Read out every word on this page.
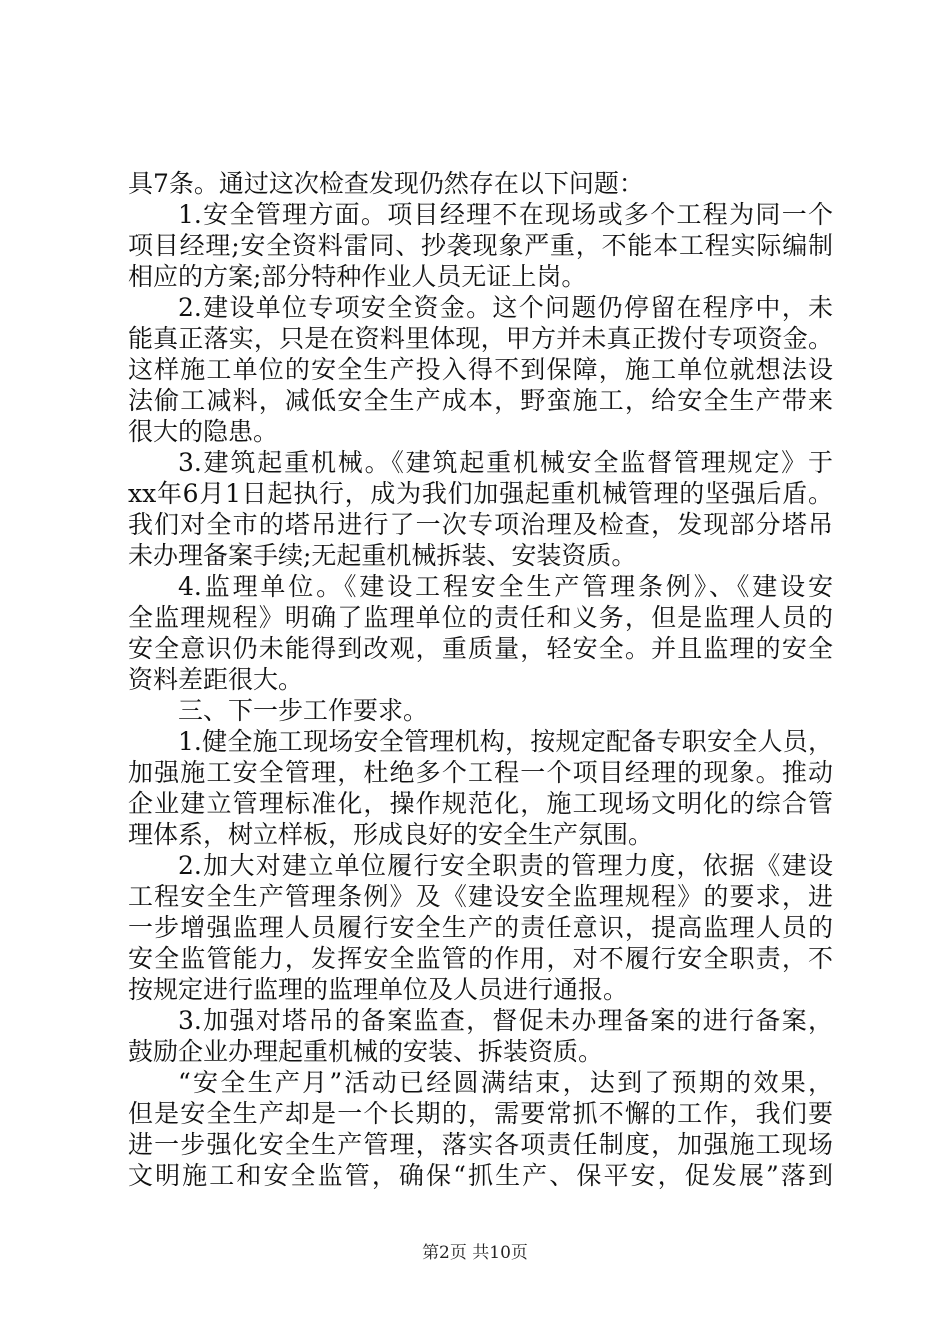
具7条。通过这次检查发现仍然存在以下问题：
1.安全管理方面。项目经理不在现场或多个工程为同一个
项目经理;安全资料雷同、抄袭现象严重，不能本工程实际编制
相应的方案;部分特种作业人员无证上岗。
2.建设单位专项安全资金。这个问题仍停留在程序中，未
能真正落实，只是在资料里体现，甲方并未真正拨付专项资金。
这样施工单位的安全生产投入得不到保障，施工单位就想法设
法偷工减料，减低安全生产成本，野蛮施工，给安全生产带来
很大的隐患。
3.建筑起重机械。《建筑起重机械安全监督管理规定》于
xx年6月1日起执行，成为我们加强起重机械管理的坚强后盾。
我们对全市的塔吊进行了一次专项治理及检查，发现部分塔吊
未办理备案手续;无起重机械拆装、安装资质。
4.监理单位。《建设工程安全生产管理条例》、《建设安
全监理规程》明确了监理单位的责任和义务，但是监理人员的
安全意识仍未能得到改观，重质量，轻安全。并且监理的安全
资料差距很大。
三、下一步工作要求。
1.健全施工现场安全管理机构，按规定配备专职安全人员，
加强施工安全管理，杜绝多个工程一个项目经理的现象。推动
企业建立管理标准化，操作规范化，施工现场文明化的综合管
理体系，树立样板，形成良好的安全生产氛围。
2.加大对建立单位履行安全职责的管理力度，依据《建设
工程安全生产管理条例》及《建设安全监理规程》的要求，进
一步增强监理人员履行安全生产的责任意识，提高监理人员的
安全监管能力，发挥安全监管的作用，对不履行安全职责，不
按规定进行监理的监理单位及人员进行通报。
3.加强对塔吊的备案监查，督促未办理备案的进行备案，
鼓励企业办理起重机械的安装、拆装资质。
“安全生产月”活动已经圆满结束，达到了预期的效果，
但是安全生产却是一个长期的，需要常抓不懈的工作，我们要
进一步强化安全生产管理，落实各项责任制度，加强施工现场
文明施工和安全监管，确保“抓生产、保平安，促发展”落到
第2页 共10页
